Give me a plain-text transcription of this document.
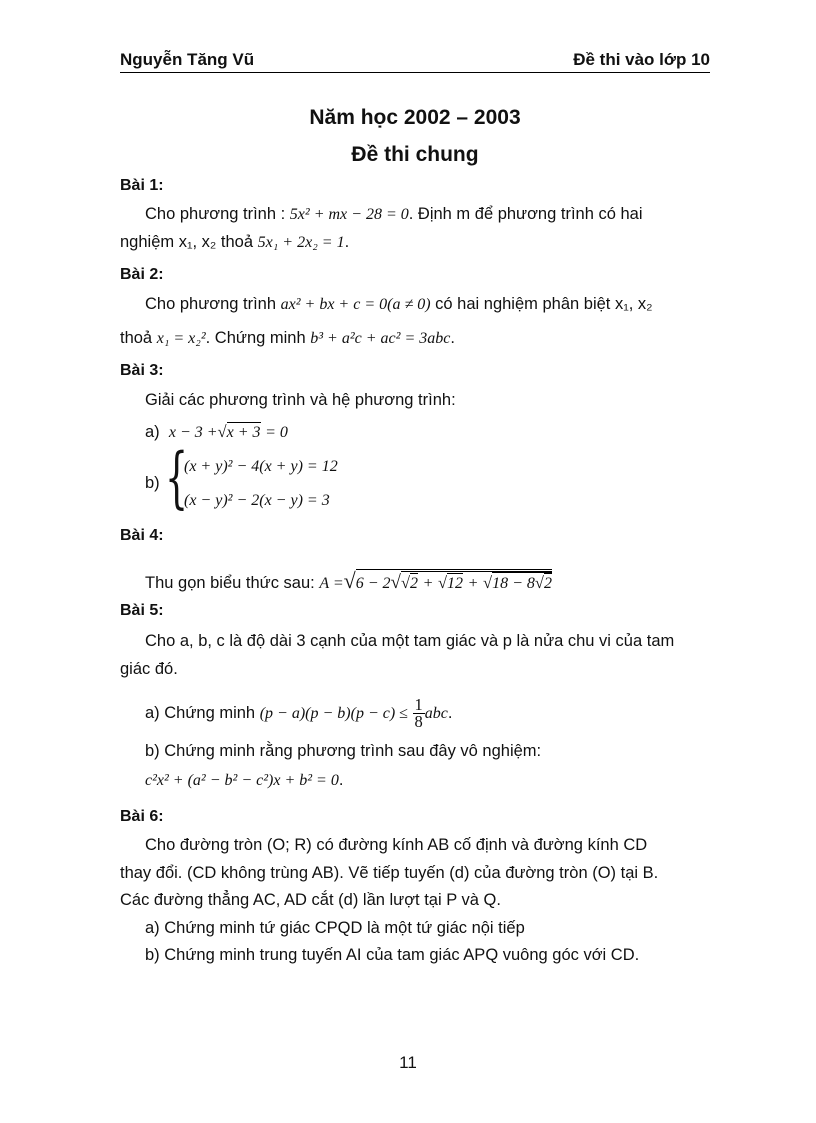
Nguyễn Tăng Vũ	Đề thi vào lớp 10
Năm học 2002 – 2003
Đề thi chung
Bài 1:
Cho phương trình : 5x² + mx − 28 = 0. Định m để phương trình có hai
nghiệm x₁, x₂ thoả 5x₁ + 2x₂ = 1.
Bài 2:
Cho phương trình ax² + bx + c = 0(a ≠ 0) có hai nghiệm phân biệt x₁, x₂
thoả x₁ = x₂². Chứng minh b³ + a²c + ac² = 3abc.
Bài 3:
Giải các phương trình và hệ phương trình:
a) x − 3 +√x + 3 = 0
b) {
(x + y)² − 4(x + y) = 12
(x − y)² − 2(x − y) = 3
Bài 4:
Thu gọn biểu thức sau: A =√6 − 2√√2 + √12 + √18 − 8√2
Bài 5:
Cho a, b, c là độ dài 3 cạnh của một tam giác và p là nửa chu vi của tam
giác đó.
a) Chứng minh $(p - a)(p - b)(p - c) \le \frac{1}{8}$ abc.
b) Chứng minh rằng phương trình sau đây vô nghiệm:
c²x² + (a² − b² − c²)x + b² = 0.
Bài 6:
Cho đường tròn (O; R) có đường kính AB cố định và đường kính CD
thay đổi. (CD không trùng AB). Vẽ tiếp tuyến (d) của đường tròn (O) tại B.
Các đường thẳng AC, AD cắt (d) lần lượt tại P và Q.
a) Chứng minh tứ giác CPQD là một tứ giác nội tiếp
b) Chứng minh trung tuyến AI của tam giác APQ vuông góc với CD.
11
